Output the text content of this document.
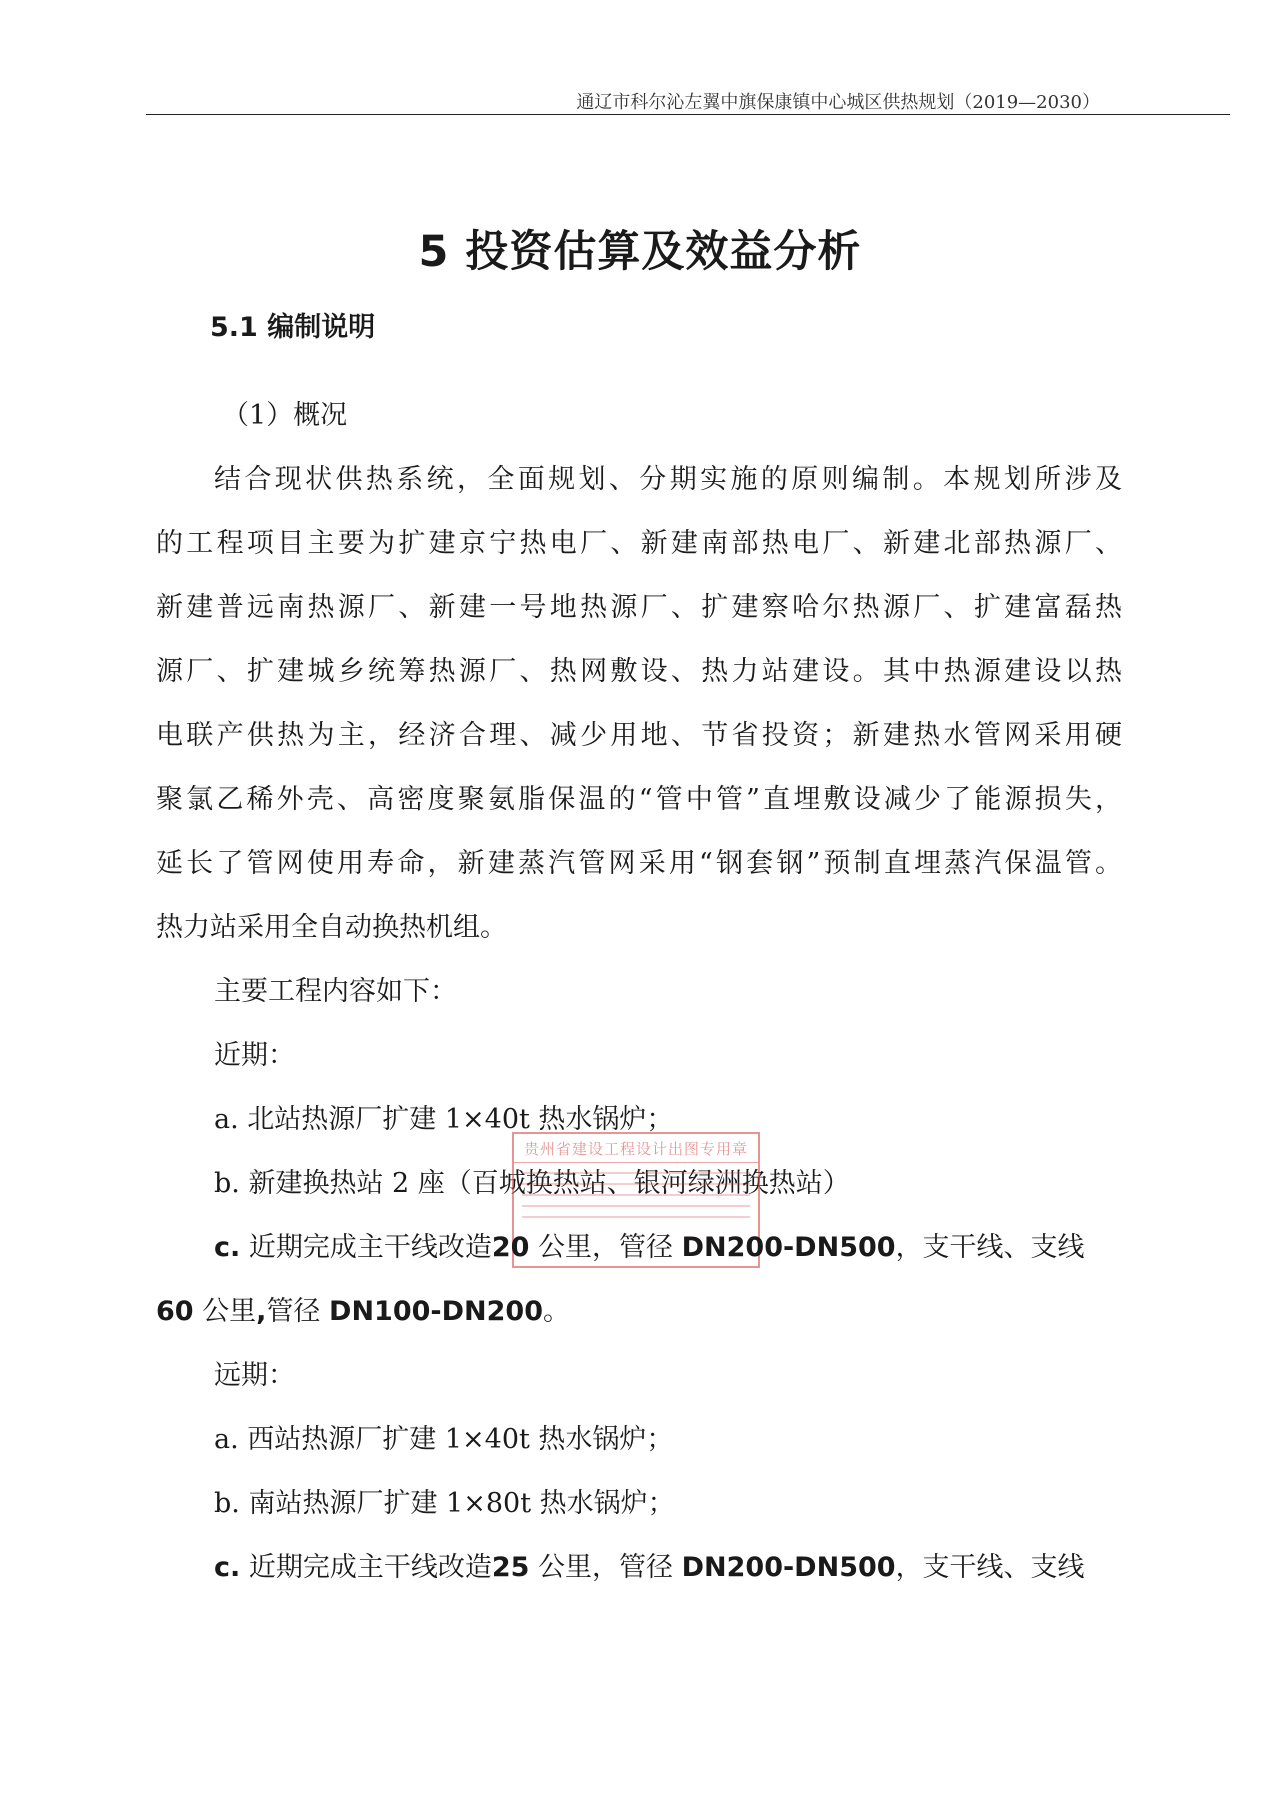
通辽市科尔沁左翼中旗保康镇中心城区供热规划（2019—2030）
5 投资估算及效益分析
5.1 编制说明
（1）概况
结合现状供热系统，全面规划、分期实施的原则编制。本规划所涉及
的工程项目主要为扩建京宁热电厂、新建南部热电厂、新建北部热源厂、
新建普远南热源厂、新建一号地热源厂、扩建察哈尔热源厂、扩建富磊热
源厂、扩建城乡统筹热源厂、热网敷设、热力站建设。其中热源建设以热
电联产供热为主，经济合理、减少用地、节省投资；新建热水管网采用硬
聚氯乙稀外壳、高密度聚氨脂保温的“管中管”直埋敷设减少了能源损失，
延长了管网使用寿命，新建蒸汽管网采用“钢套钢”预制直埋蒸汽保温管。
热力站采用全自动换热机组。
主要工程内容如下：
近期：
a. 北站热源厂扩建 1×40t 热水锅炉；
b. 新建换热站 2 座（百城换热站、银河绿洲换热站）
贵州省建设工程设计出图专用章
c. 近期完成主干线改造20 公里，管径 DN200-DN500，支干线、支线
60 公里,管径 DN100-DN200。
远期：
a. 西站热源厂扩建 1×40t 热水锅炉；
b. 南站热源厂扩建 1×80t 热水锅炉；
c. 近期完成主干线改造25 公里，管径 DN200-DN500，支干线、支线
